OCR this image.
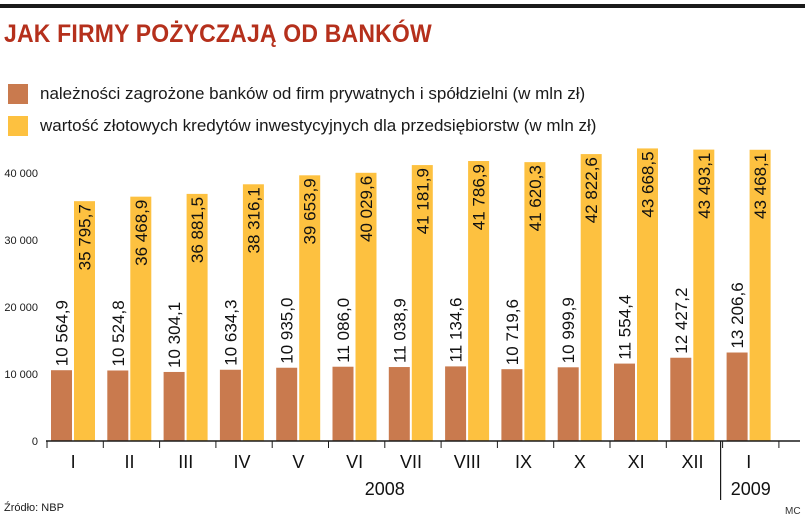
JAK FIRMY POŻYCZAJĄ OD BANKÓW
należności zagrożone banków od firm prywatnych i spółdzielni (w mln zł)
wartość złotowych kredytów inwestycyjnych dla przedsiębiorstw (w mln zł)
0
10 000
20 000
30 000
40 000
10 564,9
35 795,7
10 524,8
36 468,9
10 304,1
36 881,5
10 634,3
38 316,1
10 935,0
39 653,9
11 086,0
40 029,6
11 038,9
41 181,9
11 134,6
41 786,9
10 719,6
41 620,3
10 999,9
42 822,6
11 554,4
43 668,5
12 427,2
43 493,1
13 206,6
43 468,1
I	II III IV V VI VII VIII IX X XI XII I
2008	2009
Źródło: NBP	MC
